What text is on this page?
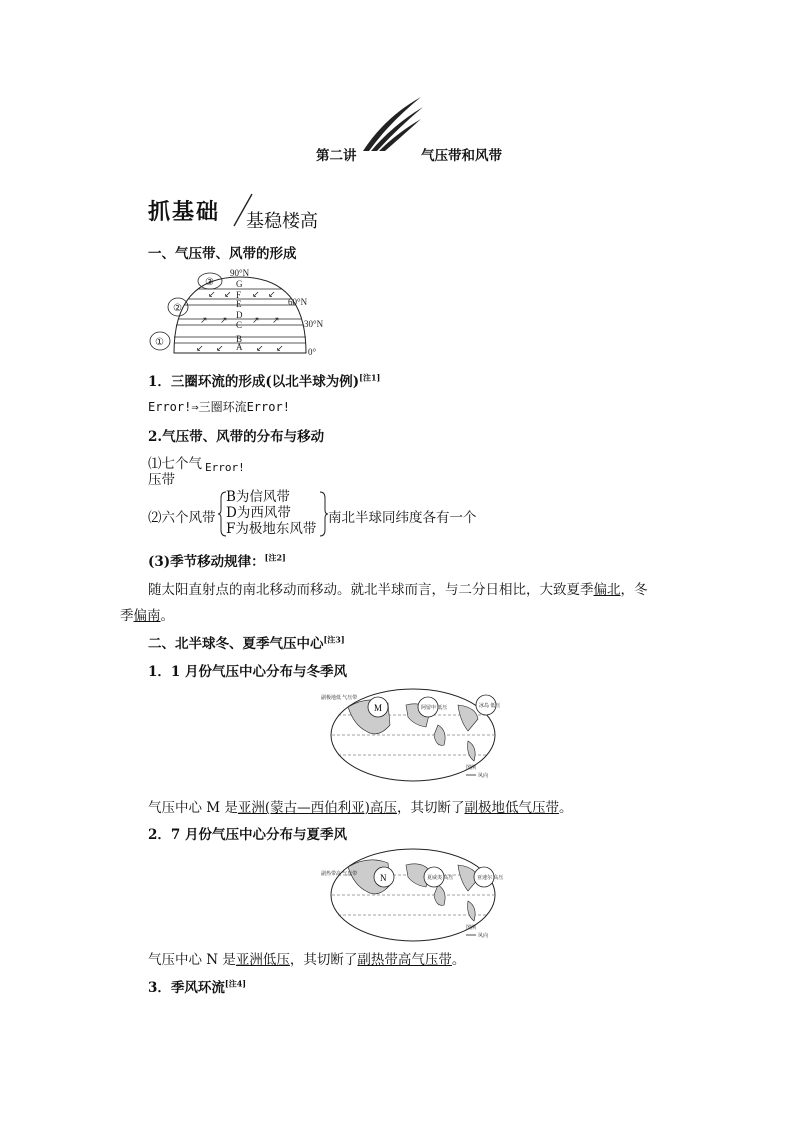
第二讲	气压带和风带
抓基础 基稳楼高
一、气压带、风带的形成
A
B
C
D
E
F
G
90°N
60°N
30°N
0°
↙ ↙	↙ ↙
↗ ↗	↗ ↗
↙ ↙ ↙ ↙
①
②
③
1．三圈环流的形成(以北半球为例)[注1]
Error!⇒三圈环流Error!
2.气压带、风带的分布与移动
⑴七个气 Error!
压带
⑵六个风带
B为信风带
D为西风带
F为极地东风带
南北半球同纬度各有一个
(3)季节移动规律：[注2]
随太阳直射点的南北移动而移动。就北半球而言，与二分日相比，大致夏季偏北，冬
季偏南。
二、北半球冬、夏季气压中心[注3]
1．1 月份气压中心分布与冬季风
M
副极地低 气压带
阿留申 低压	冰岛 低压
图例
风向
气压中心 M 是亚洲(蒙古—西伯利亚)高压，其切断了副极地低气压带。
2．7 月份气压中心分布与夏季风
N
副热带高 气压带
夏威夷 高压	亚速尔 高压
图例
风向
气压中心 N 是亚洲低压，其切断了副热带高气压带。
3．季风环流[注4]
